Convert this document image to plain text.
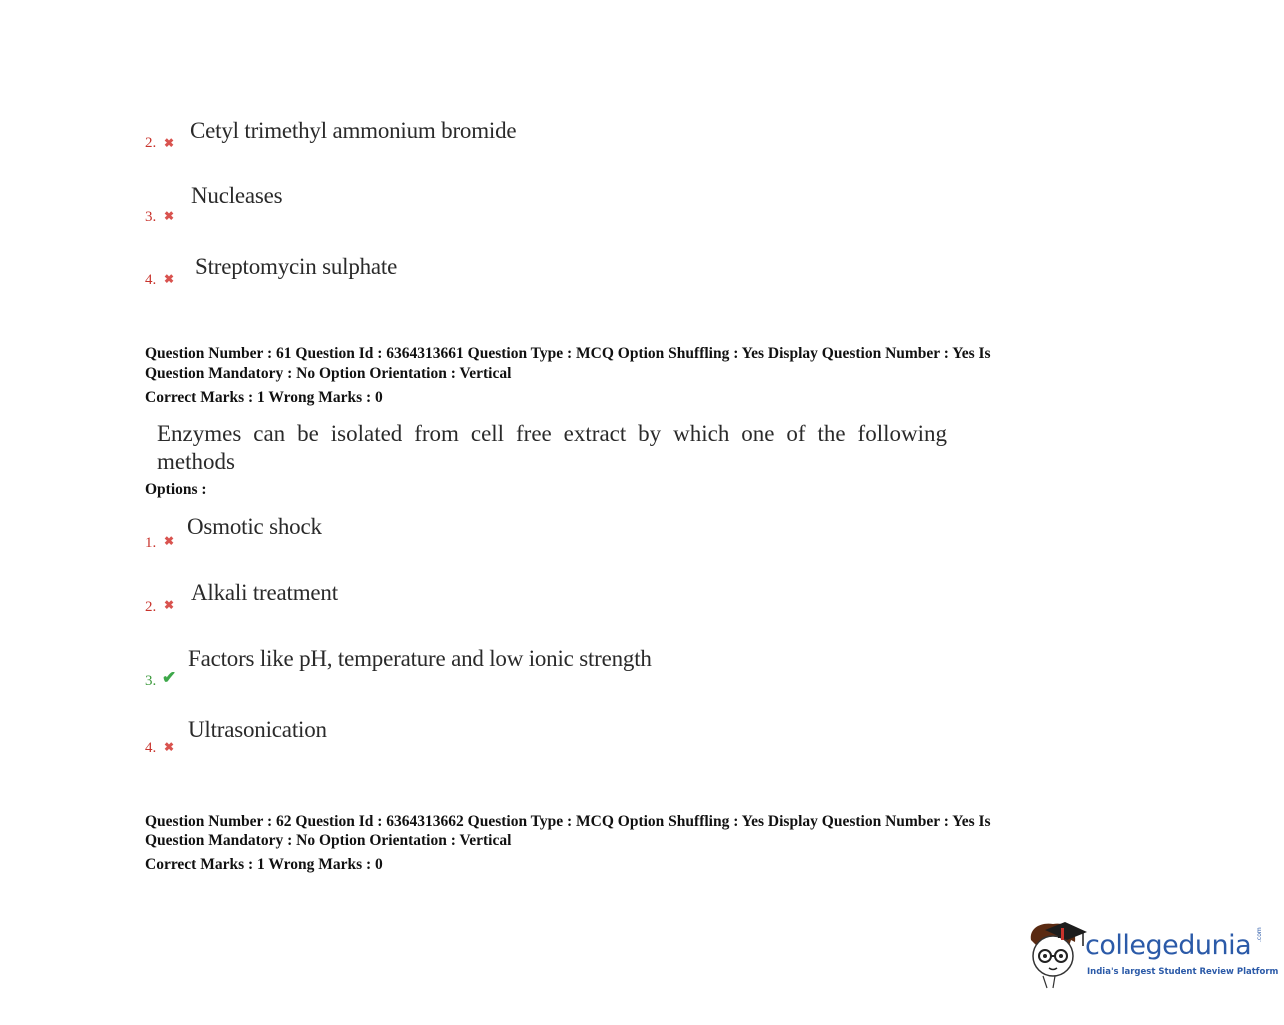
2. ✖ Cetyl trimethyl ammonium bromide
3. ✖
Nucleases
4. ✖ Streptomycin sulphate
Question Number : 61 Question Id : 6364313661 Question Type : MCQ Option Shuffling : Yes Display Question Number : Yes Is
Question Mandatory : No Option Orientation : Vertical
Correct Marks : 1 Wrong Marks : 0
Enzymes can be isolated from cell free extract by which one of the following methods
Options :
1. ✖
Osmotic shock
2. ✖ Alkali treatment
3. ✔
Factors like pH, temperature and low ionic strength
4. ✖
Ultrasonication
Question Number : 62 Question Id : 6364313662 Question Type : MCQ Option Shuffling : Yes Display Question Number : Yes Is
Question Mandatory : No Option Orientation : Vertical
Correct Marks : 1 Wrong Marks : 0
collegedunia .com
India's largest Student Review Platform
